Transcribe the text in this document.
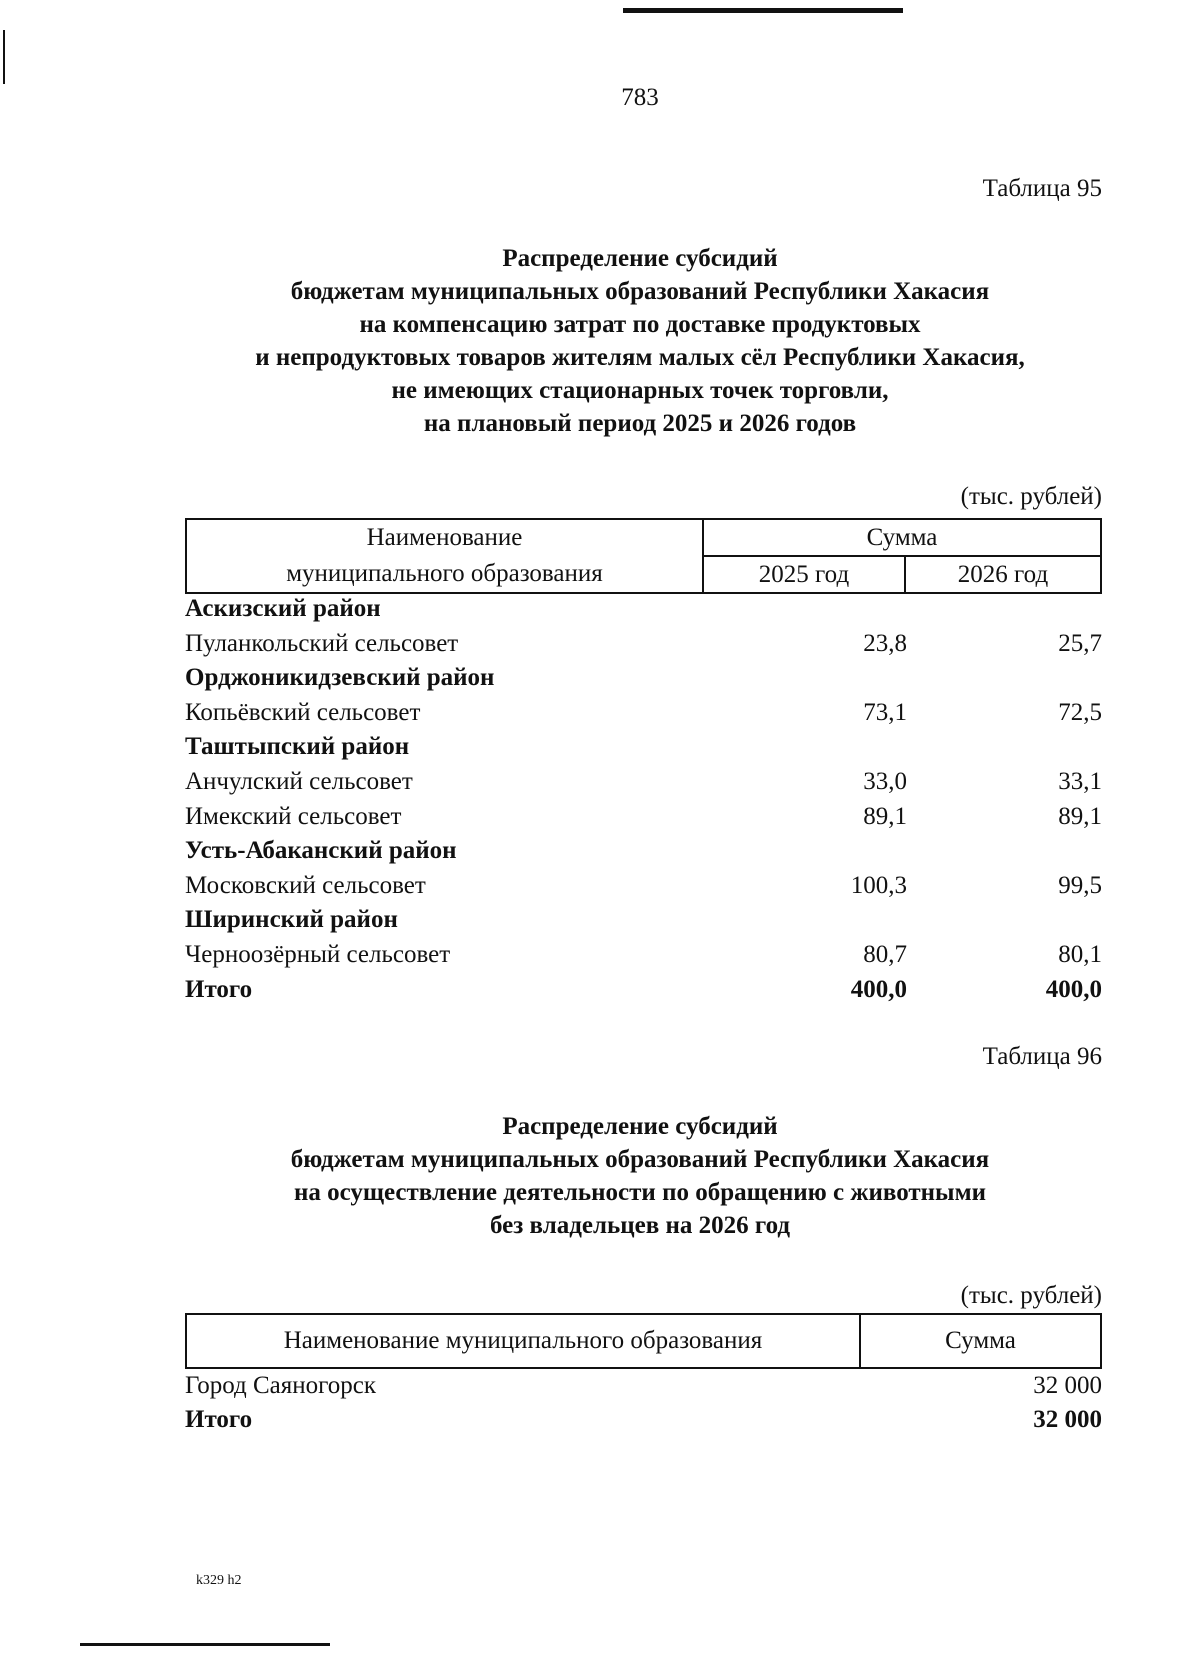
783
Таблица 95
Распределение субсидий
бюджетам муниципальных образований Республики Хакасия
на компенсацию затрат по доставке продуктовых
и непродуктовых товаров жителям малых сёл Республики Хакасия,
не имеющих стационарных точек торговли,
на плановый период 2025 и 2026 годов
(тыс. рублей)
Наименование
муниципального образования	Сумма	
	2025 год	2026 год
Аскизский район
Пуланкольский сельсовет	23,8	25,7
Орджоникидзевский район
Копьёвский сельсовет	73,1	72,5
Таштыпский район
Анчулский сельсовет	33,0	33,1
Имекский сельсовет	89,1	89,1
Усть-Абаканский район
Московский сельсовет	100,3	99,5
Ширинский район
Черноозёрный сельсовет	80,7	80,1
Итого	400,0	400,0
Таблица 96
Распределение субсидий
бюджетам муниципальных образований Республики Хакасия
на осуществление деятельности по обращению с животными
без владельцев на 2026 год
(тыс. рублей)
Наименование муниципального образования	Сумма
Город Саяногорск	32 000
Итого	32 000
k329 h2
